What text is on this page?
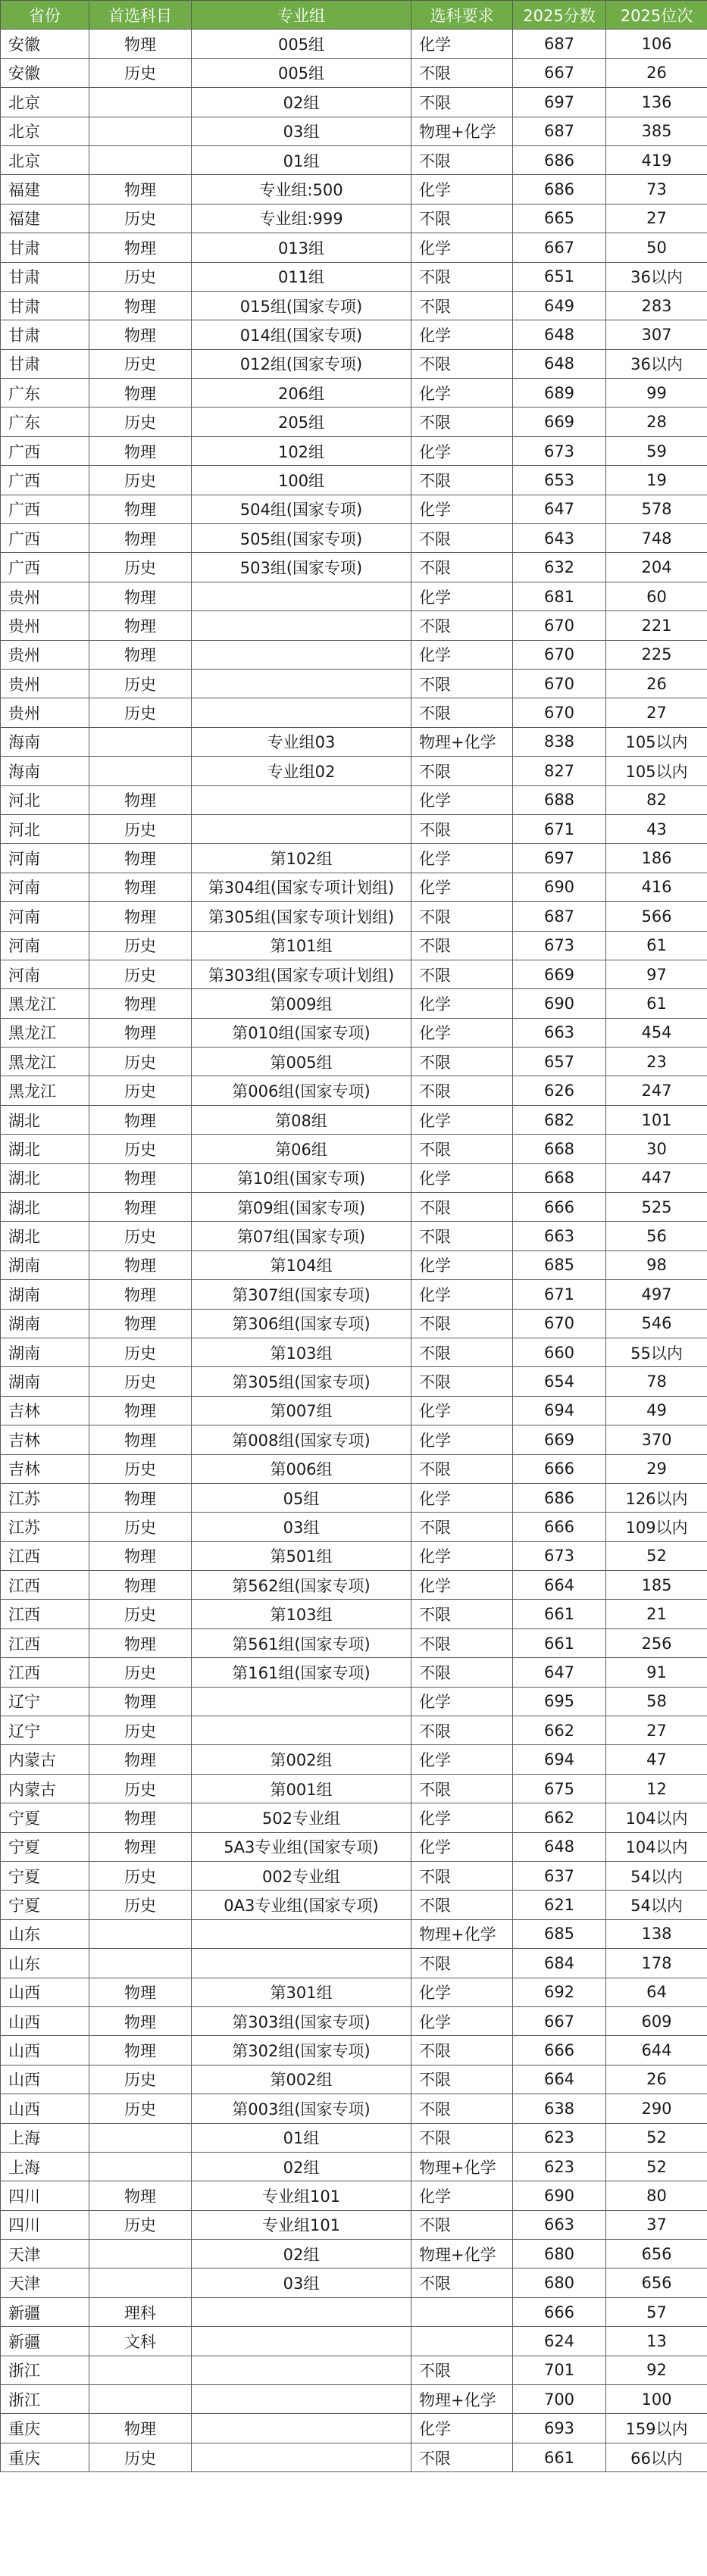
省份	首选科目	专业组	选科要求	2025分数	2025位次
安徽	物理	005组	化学	687	106
安徽	历史	005组	不限	667	26
北京		02组	不限	697	136
北京		03组	物理+化学	687	385
北京		01组	不限	686	419
福建	物理	专业组:500	化学	686	73
福建	历史	专业组:999	不限	665	27
甘肃	物理	013组	化学	667	50
甘肃	历史	011组	不限	651	36以内
甘肃	物理	015组(国家专项)	不限	649	283
甘肃	物理	014组(国家专项)	化学	648	307
甘肃	历史	012组(国家专项)	不限	648	36以内
广东	物理	206组	化学	689	99
广东	历史	205组	不限	669	28
广西	物理	102组	化学	673	59
广西	历史	100组	不限	653	19
广西	物理	504组(国家专项)	化学	647	578
广西	物理	505组(国家专项)	不限	643	748
广西	历史	503组(国家专项)	不限	632	204
贵州	物理		化学	681	60
贵州	物理		不限	670	221
贵州	物理		化学	670	225
贵州	历史		不限	670	26
贵州	历史		不限	670	27
海南		专业组03	物理+化学	838	105以内
海南		专业组02	不限	827	105以内
河北	物理		化学	688	82
河北	历史		不限	671	43
河南	物理	第102组	化学	697	186
河南	物理	第304组(国家专项计划组)	化学	690	416
河南	物理	第305组(国家专项计划组)	不限	687	566
河南	历史	第101组	不限	673	61
河南	历史	第303组(国家专项计划组)	不限	669	97
黑龙江	物理	第009组	化学	690	61
黑龙江	物理	第010组(国家专项)	化学	663	454
黑龙江	历史	第005组	不限	657	23
黑龙江	历史	第006组(国家专项)	不限	626	247
湖北	物理	第08组	化学	682	101
湖北	历史	第06组	不限	668	30
湖北	物理	第10组(国家专项)	化学	668	447
湖北	物理	第09组(国家专项)	不限	666	525
湖北	历史	第07组(国家专项)	不限	663	56
湖南	物理	第104组	化学	685	98
湖南	物理	第307组(国家专项)	化学	671	497
湖南	物理	第306组(国家专项)	不限	670	546
湖南	历史	第103组	不限	660	55以内
湖南	历史	第305组(国家专项)	不限	654	78
吉林	物理	第007组	化学	694	49
吉林	物理	第008组(国家专项)	化学	669	370
吉林	历史	第006组	不限	666	29
江苏	物理	05组	化学	686	126以内
江苏	历史	03组	不限	666	109以内
江西	物理	第501组	化学	673	52
江西	物理	第562组(国家专项)	化学	664	185
江西	历史	第103组	不限	661	21
江西	物理	第561组(国家专项)	不限	661	256
江西	历史	第161组(国家专项)	不限	647	91
辽宁	物理		化学	695	58
辽宁	历史		不限	662	27
内蒙古	物理	第002组	化学	694	47
内蒙古	历史	第001组	不限	675	12
宁夏	物理	502专业组	化学	662	104以内
宁夏	物理	5A3专业组(国家专项)	化学	648	104以内
宁夏	历史	002专业组	不限	637	54以内
宁夏	历史	0A3专业组(国家专项)	不限	621	54以内
山东			物理+化学	685	138
山东			不限	684	178
山西	物理	第301组	化学	692	64
山西	物理	第303组(国家专项)	化学	667	609
山西	物理	第302组(国家专项)	不限	666	644
山西	历史	第002组	不限	664	26
山西	历史	第003组(国家专项)	不限	638	290
上海		01组	不限	623	52
上海		02组	物理+化学	623	52
四川	物理	专业组101	化学	690	80
四川	历史	专业组101	不限	663	37
天津		02组	物理+化学	680	656
天津		03组	不限	680	656
新疆	理科			666	57
新疆	文科			624	13
浙江			不限	701	92
浙江			物理+化学	700	100
重庆	物理		化学	693	159以内
重庆	历史		不限	661	66以内
